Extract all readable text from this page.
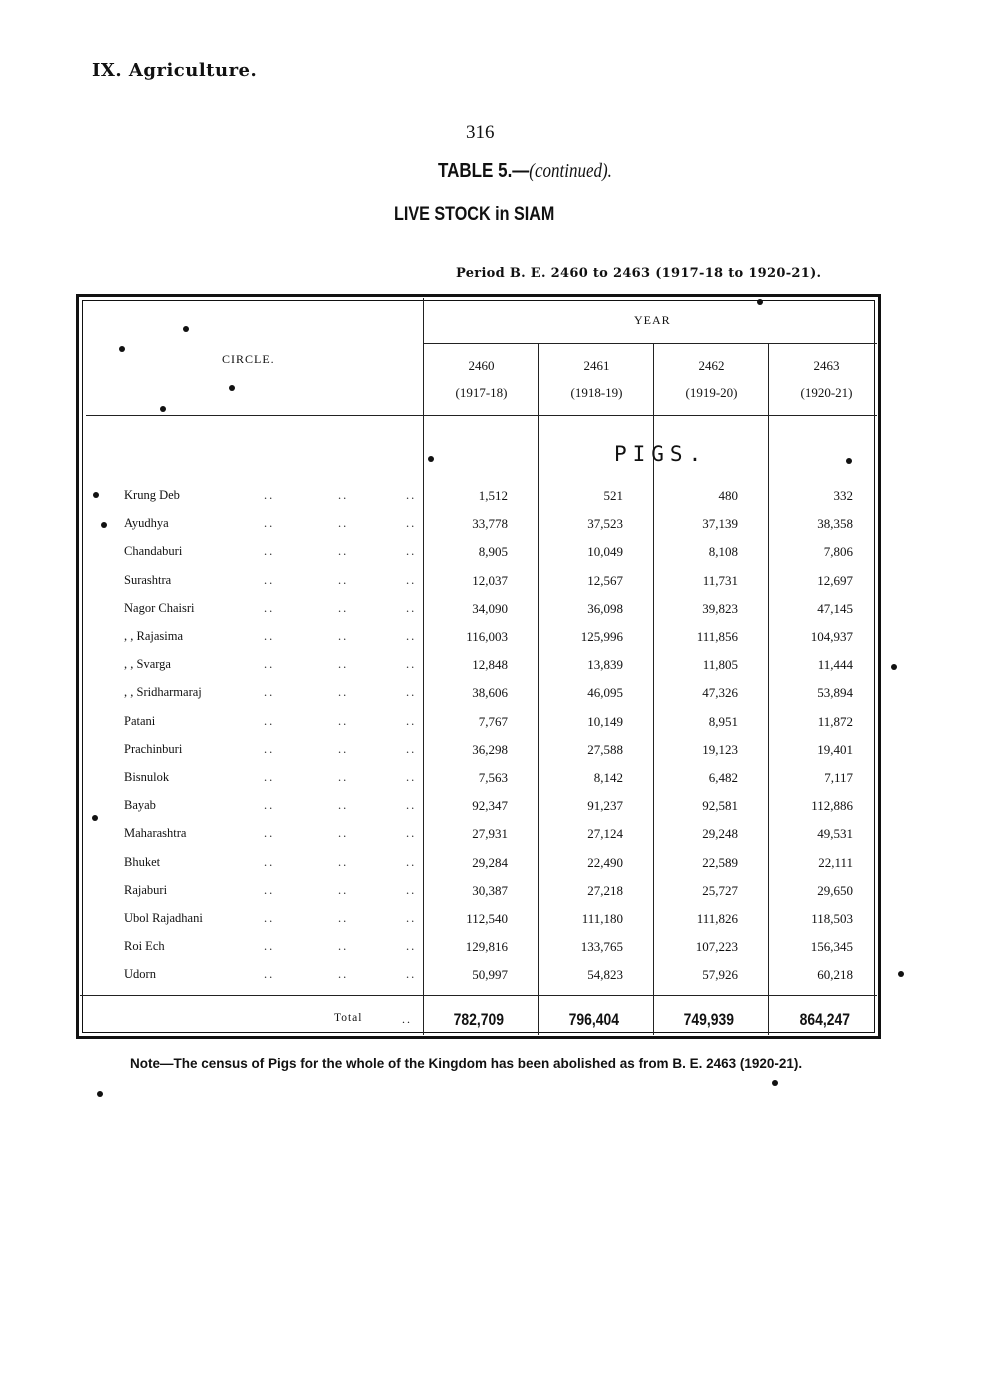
IX. Agriculture.
316
TABLE 5.—(continued).
LIVE STOCK in SIAM
Period B. E. 2460 to 2463 (1917-18 to 1920-21).
CIRCLE.
YEAR
2460
(1917-18)
2461
(1918-19)
2462
(1919-20)
2463
(1920-21)
PIGS.
Krung Deb	..	..	..	1,512	521	480	332
Ayudhya	..	..	..	33,778	37,523	37,139	38,358
Chandaburi	..	..	..	8,905	10,049	8,108	7,806
Surashtra	..	..	..	12,037	12,567	11,731	12,697
Nagor Chaisri	..	..	..	34,090	36,098	39,823	47,145
, , Rajasima	..	..	..	116,003	125,996	111,856	104,937
, , Svarga	..	..	..	12,848	13,839	11,805	11,444
, , Sridharmaraj	..	..	..	38,606	46,095	47,326	53,894
Patani	..	..	..	7,767	10,149	8,951	11,872
Prachinburi	..	..	..	36,298	27,588	19,123	19,401
Bisnulok	..	..	..	7,563	8,142	6,482	7,117
Bayab	..	..	..	92,347	91,237	92,581	112,886
Maharashtra	..	..	..	27,931	27,124	29,248	49,531
Bhuket	..	..	..	29,284	22,490	22,589	22,111
Rajaburi	..	..	..	30,387	27,218	25,727	29,650
Ubol Rajadhani	..	..	..	112,540	111,180	111,826	118,503
Roi Ech	..	..	..	129,816	133,765	107,223	156,345
Udorn	..	..	..	50,997	54,823	57,926	60,218
Total	..	782,709	796,404	749,939	864,247
Note—The census of Pigs for the whole of the Kingdom has been abolished as from B. E. 2463 (1920-21).
